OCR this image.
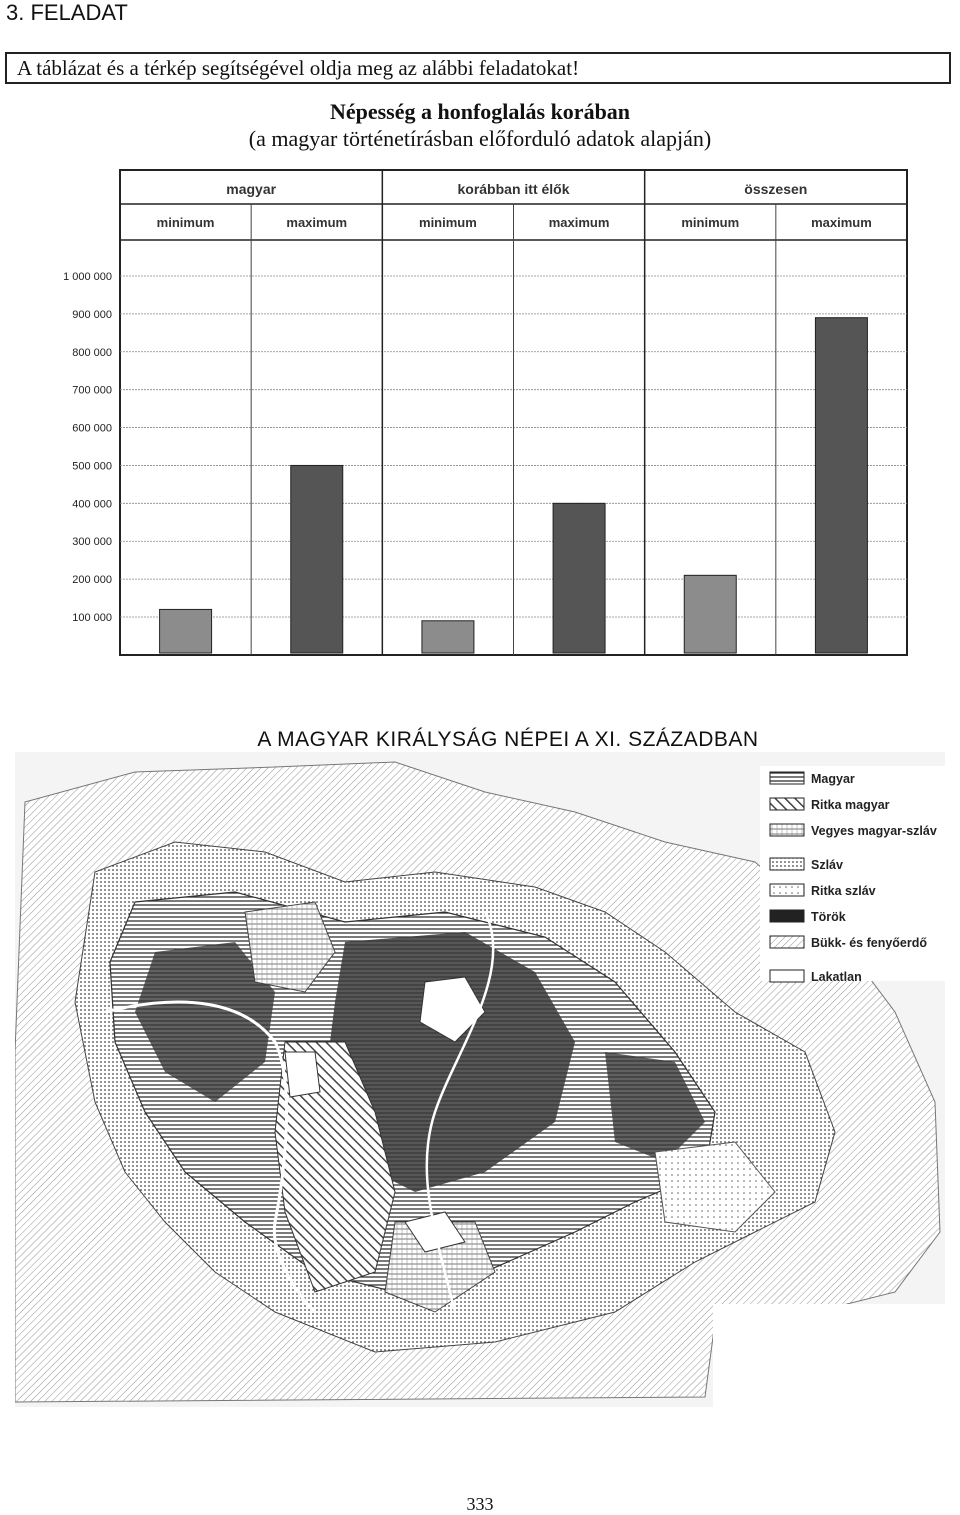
3. FELADAT
A táblázat és a térkép segítségével oldja meg az alábbi feladatokat!
Népesség a honfoglalás korában
(a magyar történetírásban előforduló adatok alapján)
100 000
200 000
300 000
400 000
500 000
600 000
700 000
800 000
900 000
1 000 000
magyar	korábban itt élők	összesen
minimum	maximum	minimum	maximum	minimum	maximum
A MAGYAR KIRÁLYSÁG NÉPEI A XI. SZÁZADBAN
Magyar
Ritka magyar
Vegyes magyar-szláv
Szláv
Ritka szláv
Török
Bükk- és fenyőerdő
Lakatlan
333
